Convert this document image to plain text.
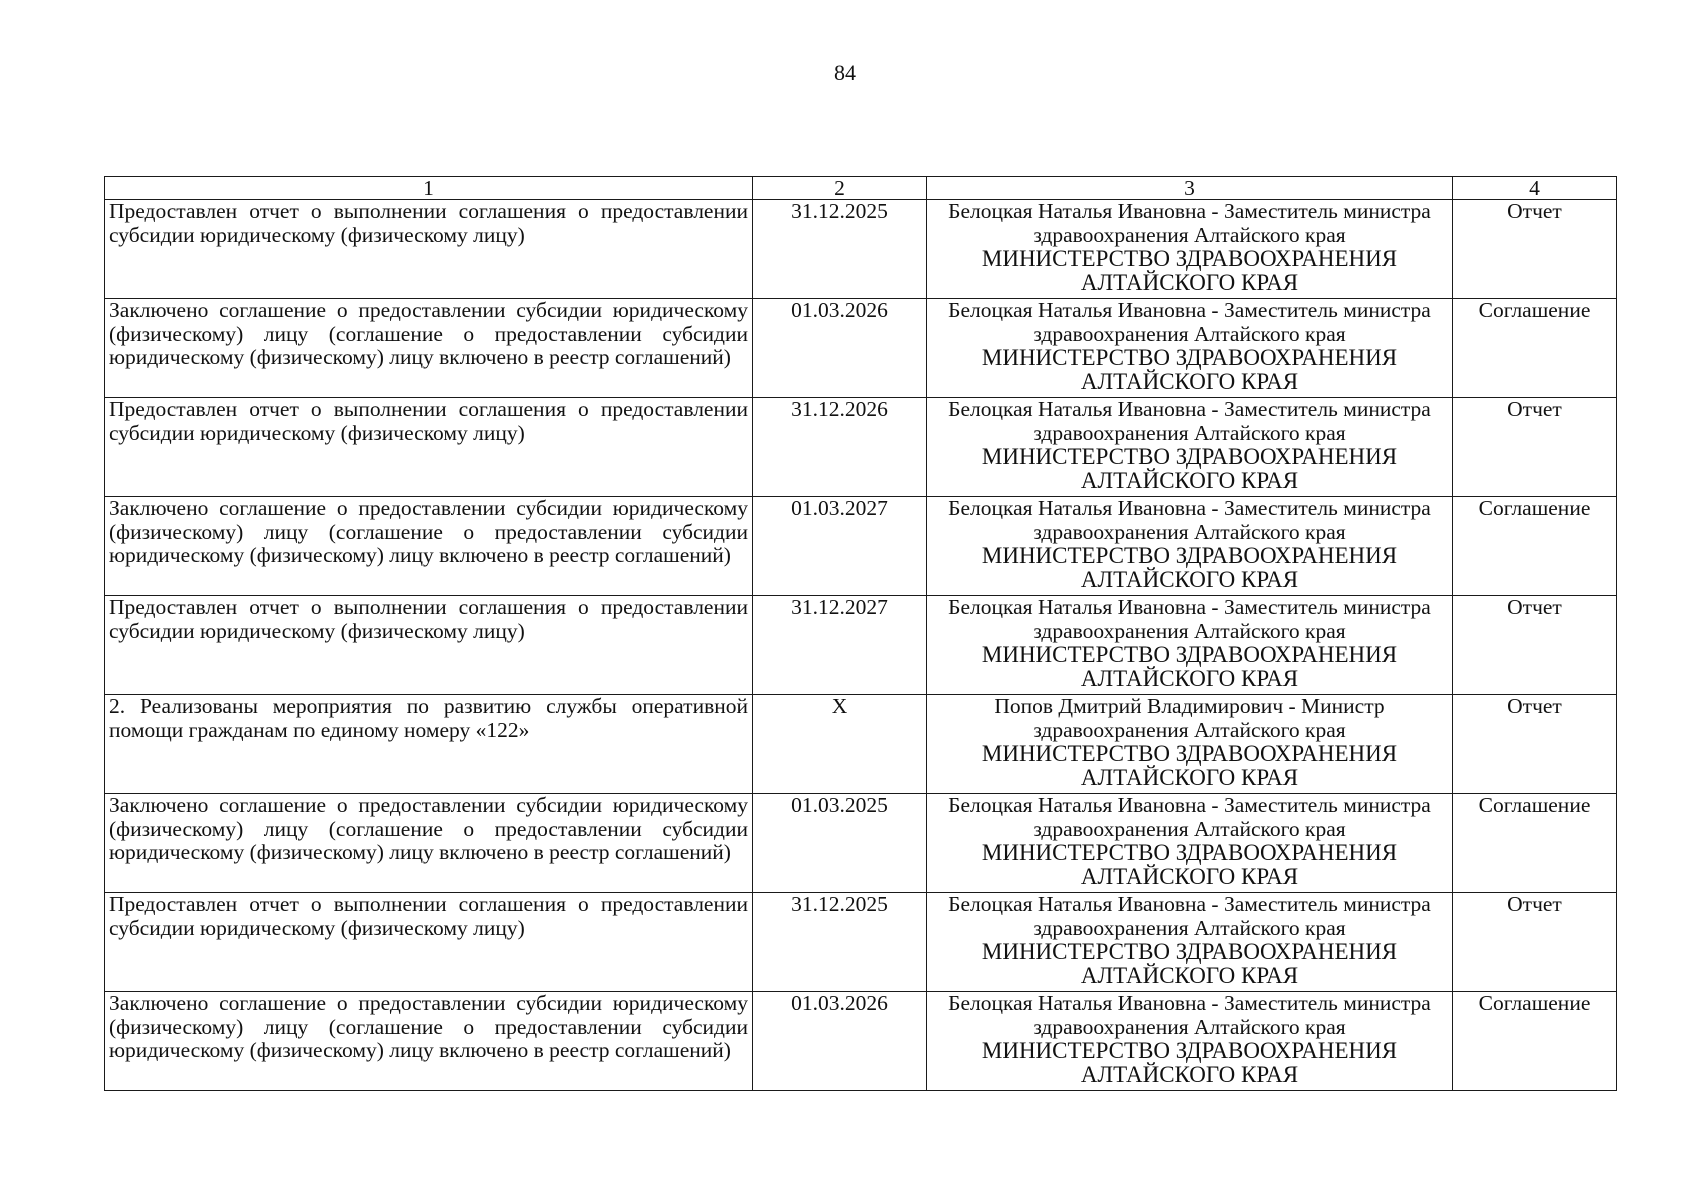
84
1	2	3	4
Предоставлен отчет о выполнении соглашения о предоставлении субсидии юридическому (физическому лицу)	31.12.2025	Белоцкая Наталья Ивановна - Заместитель министра здравоохранения Алтайского края
МИНИСТЕРСТВО ЗДРАВООХРАНЕНИЯ АЛТАЙСКОГО КРАЯ	Отчет
Заключено соглашение о предоставлении субсидии юридическому (физическому) лицу (соглашение о предоставлении субсидии юридическому (физическому) лицу включено в реестр соглашений)	01.03.2026	Белоцкая Наталья Ивановна - Заместитель министра здравоохранения Алтайского края
МИНИСТЕРСТВО ЗДРАВООХРАНЕНИЯ АЛТАЙСКОГО КРАЯ	Соглашение
Предоставлен отчет о выполнении соглашения о предоставлении субсидии юридическому (физическому лицу)	31.12.2026	Белоцкая Наталья Ивановна - Заместитель министра здравоохранения Алтайского края
МИНИСТЕРСТВО ЗДРАВООХРАНЕНИЯ АЛТАЙСКОГО КРАЯ	Отчет
Заключено соглашение о предоставлении субсидии юридическому (физическому) лицу (соглашение о предоставлении субсидии юридическому (физическому) лицу включено в реестр соглашений)	01.03.2027	Белоцкая Наталья Ивановна - Заместитель министра здравоохранения Алтайского края
МИНИСТЕРСТВО ЗДРАВООХРАНЕНИЯ АЛТАЙСКОГО КРАЯ	Соглашение
Предоставлен отчет о выполнении соглашения о предоставлении субсидии юридическому (физическому лицу)	31.12.2027	Белоцкая Наталья Ивановна - Заместитель министра здравоохранения Алтайского края
МИНИСТЕРСТВО ЗДРАВООХРАНЕНИЯ АЛТАЙСКОГО КРАЯ	Отчет
2. Реализованы мероприятия по развитию службы оперативной помощи гражданам по единому номеру «122»	X	Попов Дмитрий Владимирович - Министр здравоохранения Алтайского края
МИНИСТЕРСТВО ЗДРАВООХРАНЕНИЯ АЛТАЙСКОГО КРАЯ	Отчет
Заключено соглашение о предоставлении субсидии юридическому (физическому) лицу (соглашение о предоставлении субсидии юридическому (физическому) лицу включено в реестр соглашений)	01.03.2025	Белоцкая Наталья Ивановна - Заместитель министра здравоохранения Алтайского края
МИНИСТЕРСТВО ЗДРАВООХРАНЕНИЯ АЛТАЙСКОГО КРАЯ	Соглашение
Предоставлен отчет о выполнении соглашения о предоставлении субсидии юридическому (физическому лицу)	31.12.2025	Белоцкая Наталья Ивановна - Заместитель министра здравоохранения Алтайского края
МИНИСТЕРСТВО ЗДРАВООХРАНЕНИЯ АЛТАЙСКОГО КРАЯ	Отчет
Заключено соглашение о предоставлении субсидии юридическому (физическому) лицу (соглашение о предоставлении субсидии юридическому (физическому) лицу включено в реестр соглашений)	01.03.2026	Белоцкая Наталья Ивановна - Заместитель министра здравоохранения Алтайского края
МИНИСТЕРСТВО ЗДРАВООХРАНЕНИЯ АЛТАЙСКОГО КРАЯ	Соглашение
